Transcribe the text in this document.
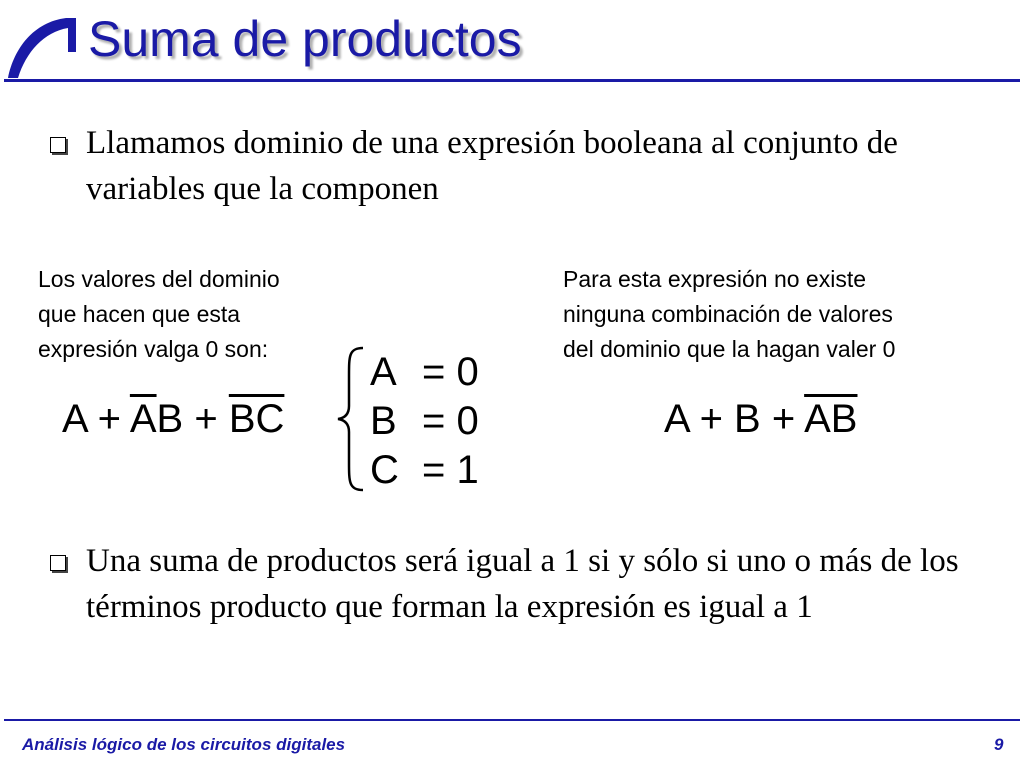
Suma de productos
Llamamos dominio de una expresión booleana al conjunto de variables que la componen
Los valores del dominio
que hacen que esta
expresión valga 0 son:
Para esta expresión no existe
ninguna combinación de valores
del dominio que la hagan valer 0
$A + \overline{A}B + \overline{BC}$
A = 0
B = 0
C = 1
$A + B + \overline{AB}$
Una suma de productos será igual a 1 si y sólo si uno o más de los términos producto que forman la expresión es igual a 1
Análisis lógico de los circuitos digitales	9
